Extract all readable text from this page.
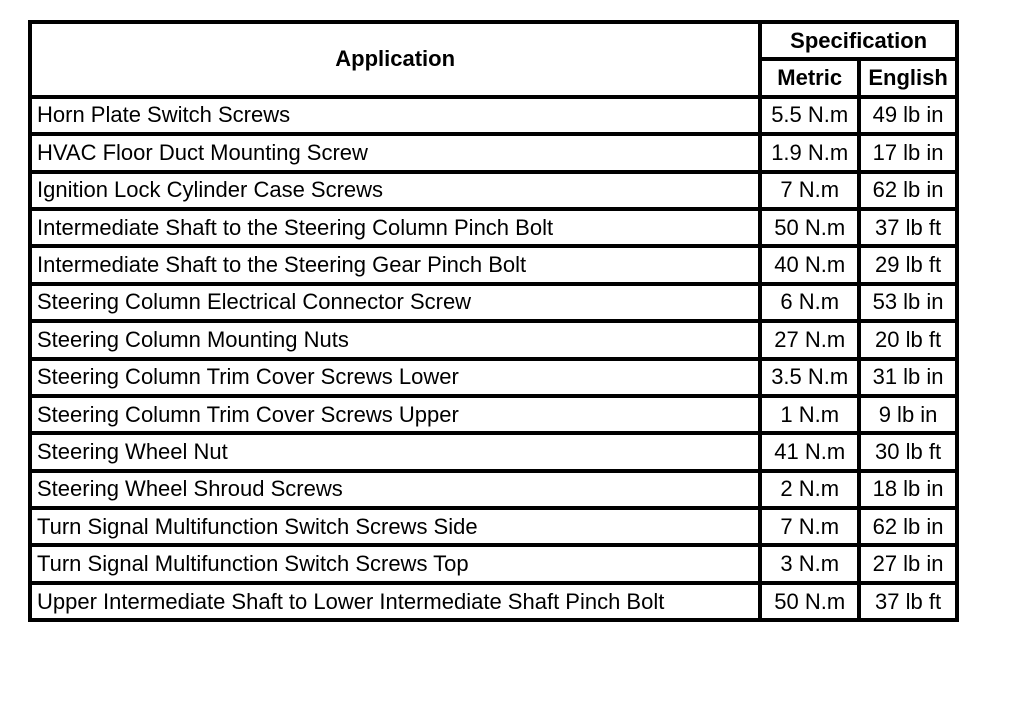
Application	Specification	
	Metric	English
Horn Plate Switch Screws	5.5 N.m	49 lb in
HVAC Floor Duct Mounting Screw	1.9 N.m	17 lb in
Ignition Lock Cylinder Case Screws	7 N.m	62 lb in
Intermediate Shaft to the Steering Column Pinch Bolt	50 N.m	37 lb ft
Intermediate Shaft to the Steering Gear Pinch Bolt	40 N.m	29 lb ft
Steering Column Electrical Connector Screw	6 N.m	53 lb in
Steering Column Mounting Nuts	27 N.m	20 lb ft
Steering Column Trim Cover Screws Lower	3.5 N.m	31 lb in
Steering Column Trim Cover Screws Upper	1 N.m	9 lb in
Steering Wheel Nut	41 N.m	30 lb ft
Steering Wheel Shroud Screws	2 N.m	18 lb in
Turn Signal Multifunction Switch Screws Side	7 N.m	62 lb in
Turn Signal Multifunction Switch Screws Top	3 N.m	27 lb in
Upper Intermediate Shaft to Lower Intermediate Shaft Pinch Bolt	50 N.m	37 lb ft
